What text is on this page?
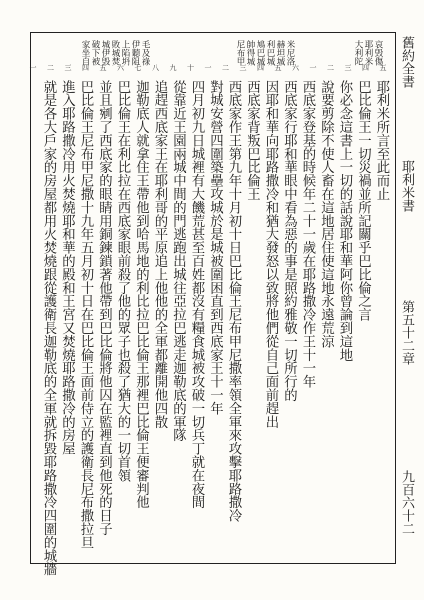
舊約全書
耶利米書
第五十二章
九百六十二
哀毁傷
耶利米
大利陀
米尼洛
赫坦城
利巴城
鳩巴城
帥得城
尼布甲
毛及祿
伊聽阻
上陷坍
敗城焚
城伊毁
破下被
家坐自
五
四
三
二
一
六
五
四
三
二
一
十
九
八
七
六
五
四
三
二
一
耶利米所言至此而止
巴比倫王一切災禍並所記關乎巴比倫之言
你必念這書上一切的話說耶和華阿你曾論到這地
說要剪除不使人畜在這地居住使這地永遠荒涼
西底家登基的時候年二十一歲在耶路撒冷作王十一年
西底家行耶和華眼中看為惡的事是照約雅敬一切所行的
因耶和華向耶路撒冷和猶大發怒以致將他們從自己面前趕出
西底家背叛巴比倫王
西底家作王第九年十月初十日巴比倫王尼布甲尼撒率領全軍來攻擊耶路撒冷
對城安營四圍築壘攻城於是城被圍困直到西底家王十一年
四月初九日城裡有大饑荒甚至百姓都沒有糧食城被攻破一切兵丁就在夜間
從靠近王園兩城中間的門逃跑出城往亞拉巴逃走迦勒底的軍隊
追趕西底家王在耶利哥的平原追上他他的全軍都離開他四散
迦勒底人就拿住王帶他到哈馬地的利比拉巴比倫王那裡巴比倫王便審判他
巴比倫王在利比拉在西底家眼前殺了他的眾子也殺了猶大的一切首領
並且剜了西底家的眼睛用銅鍊鎖著他帶到巴比倫將他囚在監裡直到他死的日子
巴比倫王尼布甲尼撒十九年五月初十日在巴比倫王面前侍立的護衛長尼布撒拉旦
進入耶路撒冷用火焚燒耶和華的殿和王宮又焚燒耶路撒冷的房屋
就是各大戶家的房屋都用火焚燒跟從護衛長迦勒底的全軍就拆毀耶路撒冷四圍的城牆
